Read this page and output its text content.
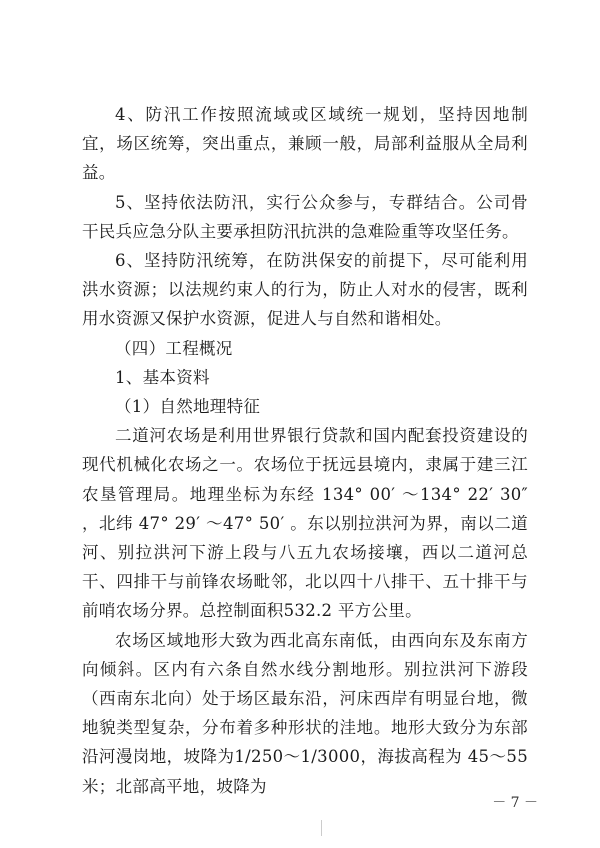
4、防汛工作按照流域或区域统一规划，坚持因地制宜，场区统筹，突出重点，兼顾一般，局部利益服从全局利益。

5、坚持依法防汛，实行公众参与，专群结合。公司骨干民兵应急分队主要承担防汛抗洪的急难险重等攻坚任务。

6、坚持防汛统筹，在防洪保安的前提下，尽可能利用洪水资源；以法规约束人的行为，防止人对水的侵害，既利用水资源又保护水资源，促进人与自然和谐相处。

（四）工程概况

1、基本资料

（1）自然地理特征

二道河农场是利用世界银行贷款和国内配套投资建设的现代机械化农场之一。农场位于抚远县境内，隶属于建三江农垦管理局。地理坐标为东经 134° 00′ ～134° 22′ 30″ ，北纬 47° 29′ ～47° 50′ 。东以别拉洪河为界，南以二道河、别拉洪河下游上段与八五九农场接壤，西以二道河总干、四排干与前锋农场毗邻，北以四十八排干、五十排干与前哨农场分界。总控制面积532.2 平方公里。

农场区域地形大致为西北高东南低，由西向东及东南方向倾斜。区内有六条自然水线分割地形。别拉洪河下游段（西南东北向）处于场区最东沿，河床西岸有明显台地，微地貌类型复杂，分布着多种形状的洼地。地形大致分为东部沿河漫岗地，坡降为1/250～1/3000，海拔高程为 45～55 米；北部高平地，坡降为

－ 7 －
